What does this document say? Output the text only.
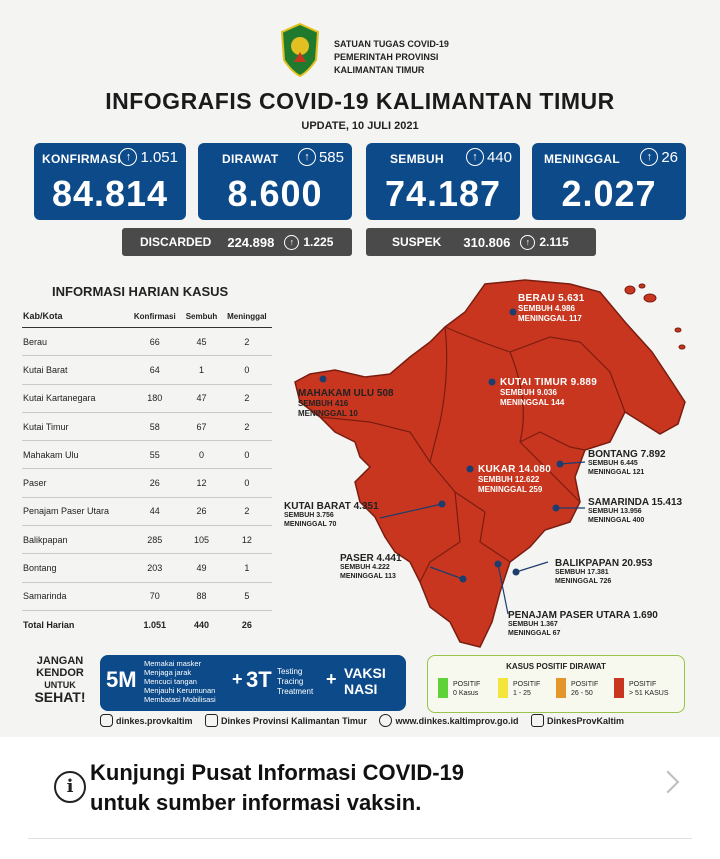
SATUAN TUGAS COVID-19
PEMERINTAH PROVINSI
KALIMANTAN TIMUR
INFOGRAFIS COVID-19 KALIMANTAN TIMUR
UPDATE, 10 JULI 2021
KONFIRMASI ↑ 1.051
84.814
DIRAWAT	↑ 585
8.600
SEMBUH	↑ 440
74.187
MENINGGAL	↑ 26
2.027
DISCARDED 224.898	↑ 1.225	SUSPEK 310.806	↑ 2.115
INFORMASI HARIAN KASUS
Kab/Kota	Konfirmasi	Sembuh	Meninggal
Berau	66	45	2
Kutai Barat	64	1	0
Kutai Kartanegara	180	47	2
Kutai Timur	58	67	2
Mahakam Ulu	55	0	0
Paser	26	12	0
Penajam Paser Utara	44	26	2
Balikpapan	285	105	12
Bontang	203	49	1
Samarinda	70	88	5
Total Harian	1.051	440	26
BERAU 5.631
SEMBUH 4.986
MENINGGAL 117
MAHAKAM ULU 508
SEMBUH 416
MENINGGAL 10
KUTAI TIMUR 9.889
SEMBUH 9.036
MENINGGAL 144
KUKAR 14.080
SEMBUH 12.622
MENINGGAL 259
BONTANG 7.892
SEMBUH 6.445
MENINGGAL 121
SAMARINDA 15.413
SEMBUH 13.956
MENINGGAL 400
KUTAI BARAT 4.351
SEMBUH 3.756
MENINGGAL 70
PASER 4.441
SEMBUH 4.222
MENINGGAL 113
BALIKPAPAN 20.953
SEMBUH 17.381
MENINGGAL 726
PENAJAM PASER UTARA 1.690
SEMBUH 1.367
MENINGGAL 67
JANGAN
KENDOR
UNTUK
SEHAT!
5M
Memakai masker
Menjaga jarak
Mencuci tangan
Menjauhi Kerumunan
Membatasi Mobilisasi
+ 3T Testing
Tracing
Treatment
+ VAKSI
NASI
KASUS POSITIF DIRAWAT
POSITIF
0 Kasus
POSITIF
1 - 25
POSITIF
26 - 50
POSITIF
> 51 KASUS
dinkes.provkaltim
	Dinkes Provinsi Kalimantan Timur
	www.dinkes.kaltimprov.go.id
	DinkesProvKaltim
i
Kunjungi Pusat Informasi COVID-19
untuk sumber informasi vaksin.
